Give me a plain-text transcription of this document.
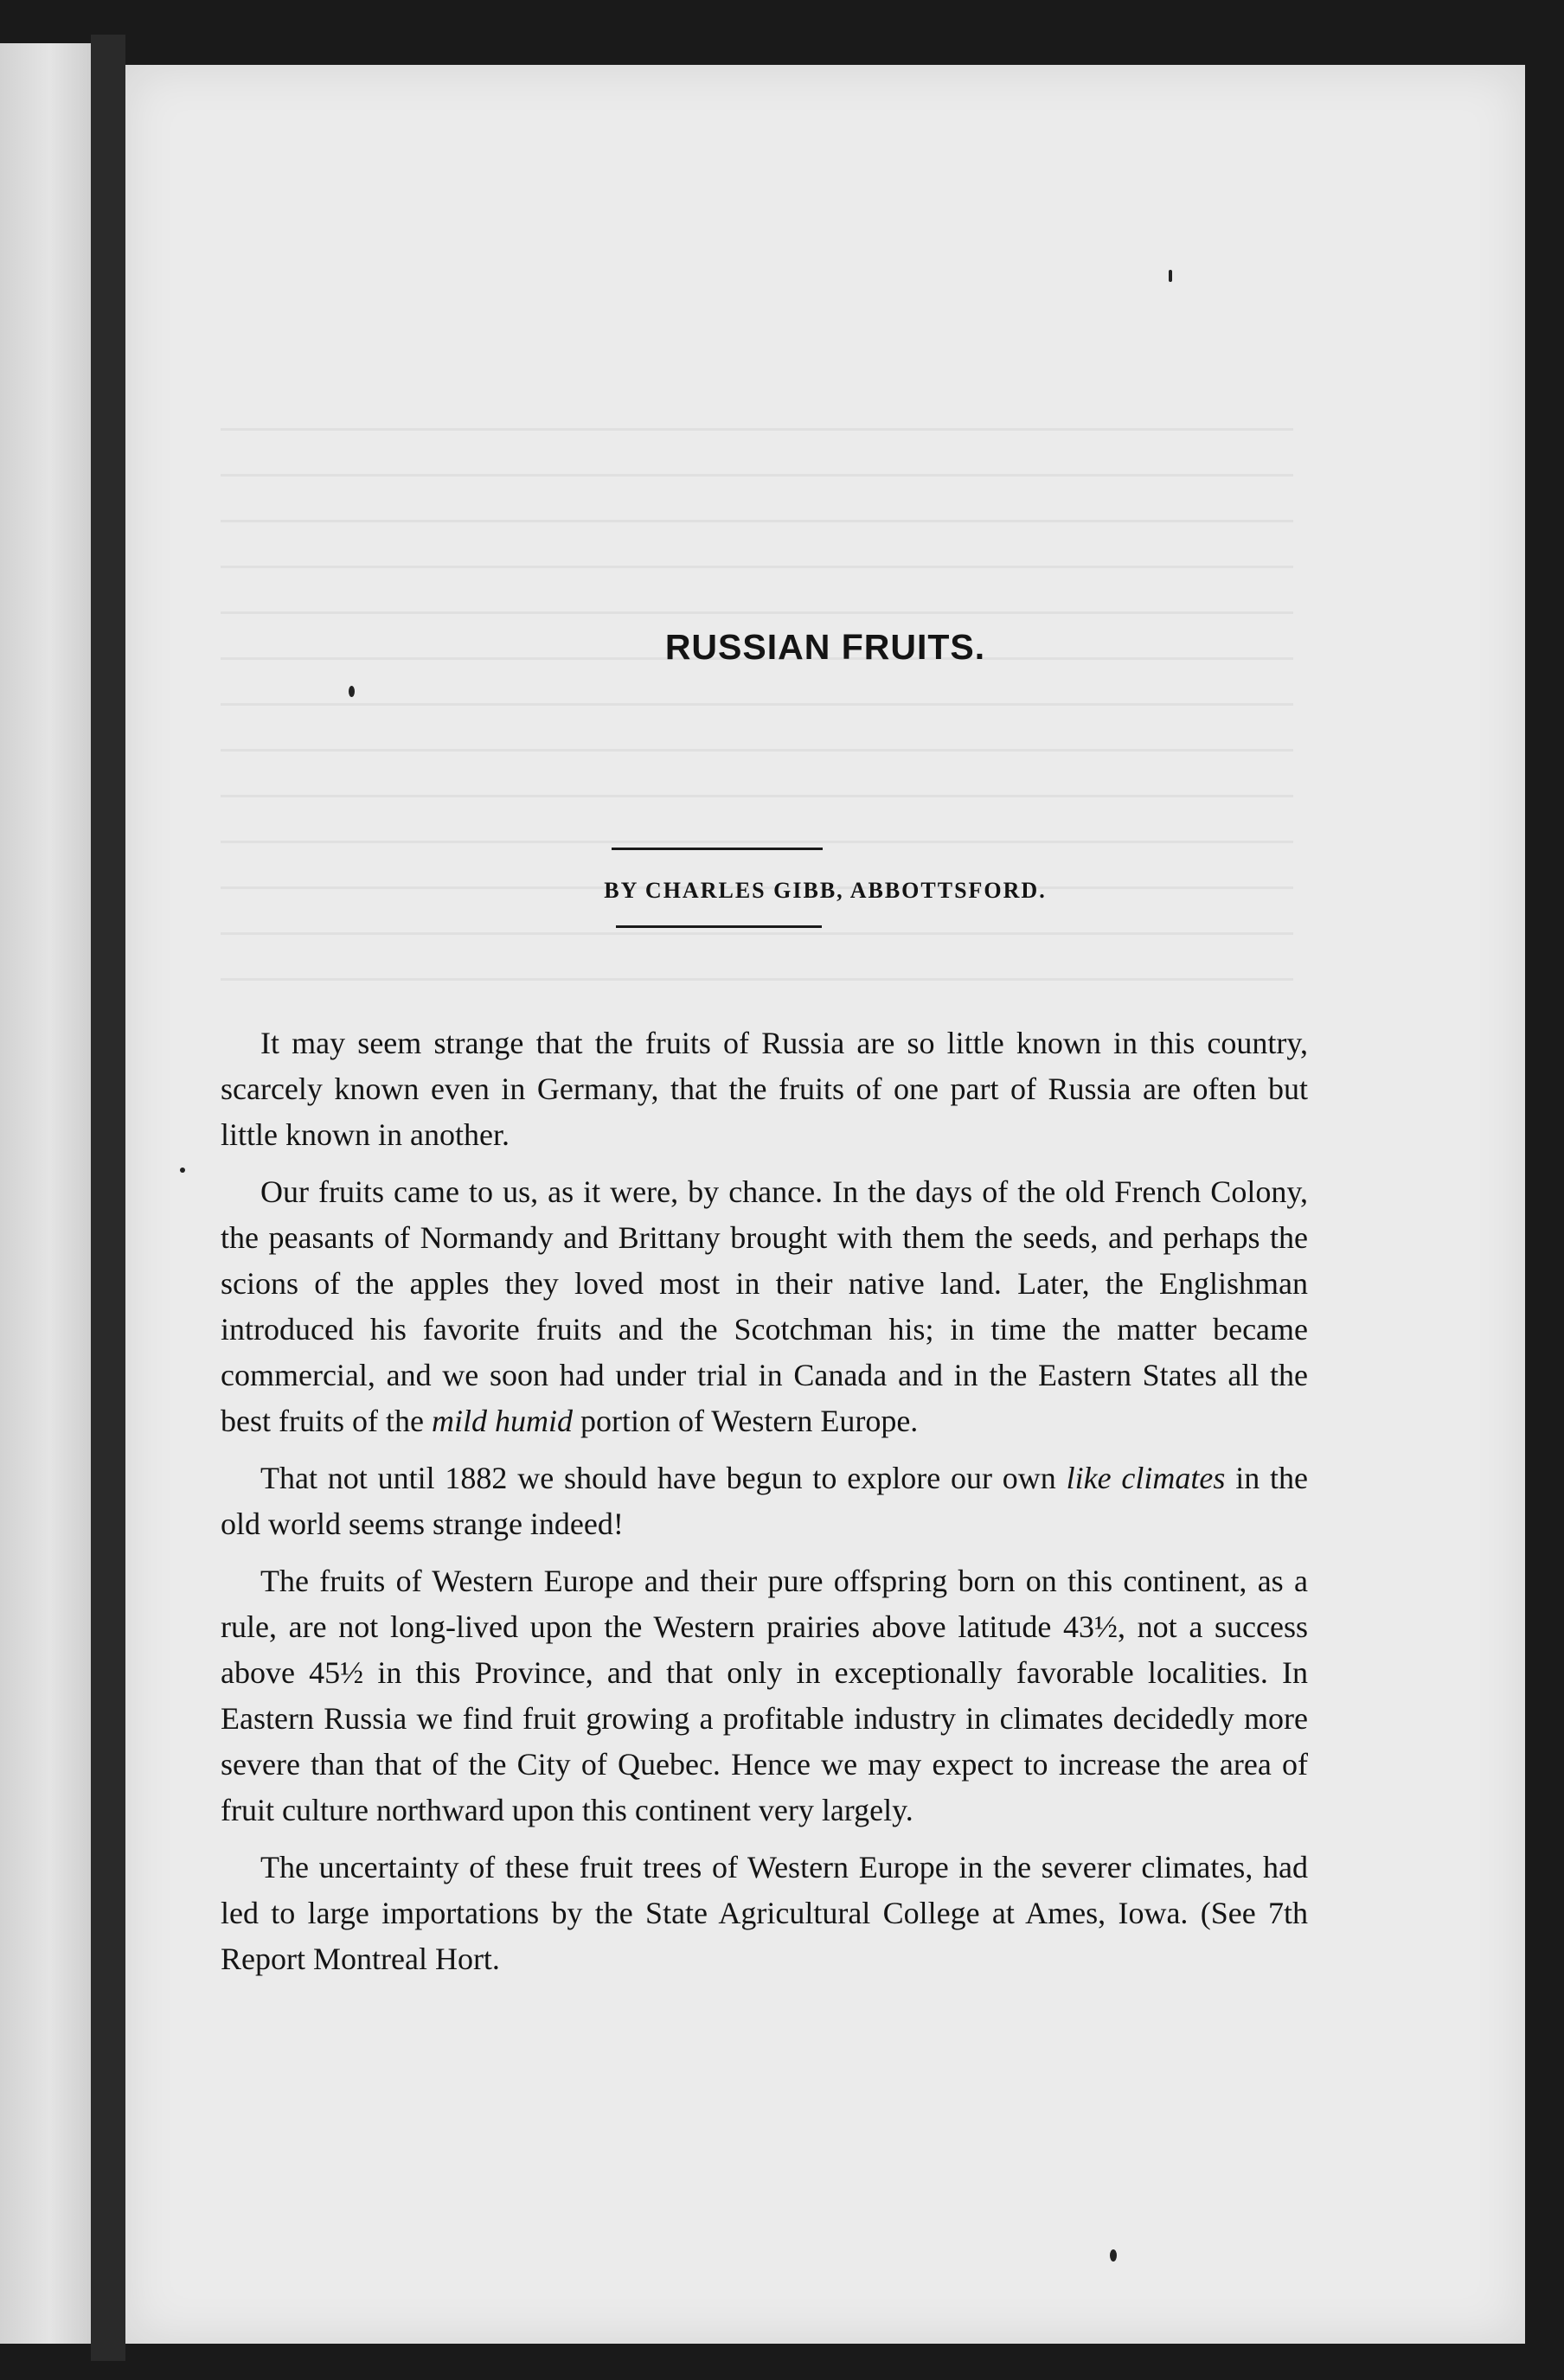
RUSSIAN FRUITS.
BY CHARLES GIBB, ABBOTTSFORD.

It may seem strange that the fruits of Russia are so little known in this country, scarcely known even in Germany, that the fruits of one part of Russia are often but little known in another.

Our fruits came to us, as it were, by chance. In the days of the old French Colony, the peasants of Normandy and Brittany brought with them the seeds, and perhaps the scions of the apples they loved most in their native land. Later, the Englishman introduced his favorite fruits and the Scotchman his; in time the matter became commercial, and we soon had under trial in Canada and in the Eastern States all the best fruits of the mild humid portion of Western Europe.

That not until 1882 we should have begun to explore our own like climates in the old world seems strange indeed!

The fruits of Western Europe and their pure offspring born on this continent, as a rule, are not long-lived upon the Western prairies above latitude 43½, not a success above 45½ in this Province, and that only in exceptionally favorable localities. In Eastern Russia we find fruit growing a profitable industry in climates decidedly more severe than that of the City of Quebec. Hence we may expect to increase the area of fruit culture northward upon this continent very largely.

The uncertainty of these fruit trees of Western Europe in the severer climates, had led to large importations by the State Agricultural College at Ames, Iowa. (See 7th Report Montreal Hort.
